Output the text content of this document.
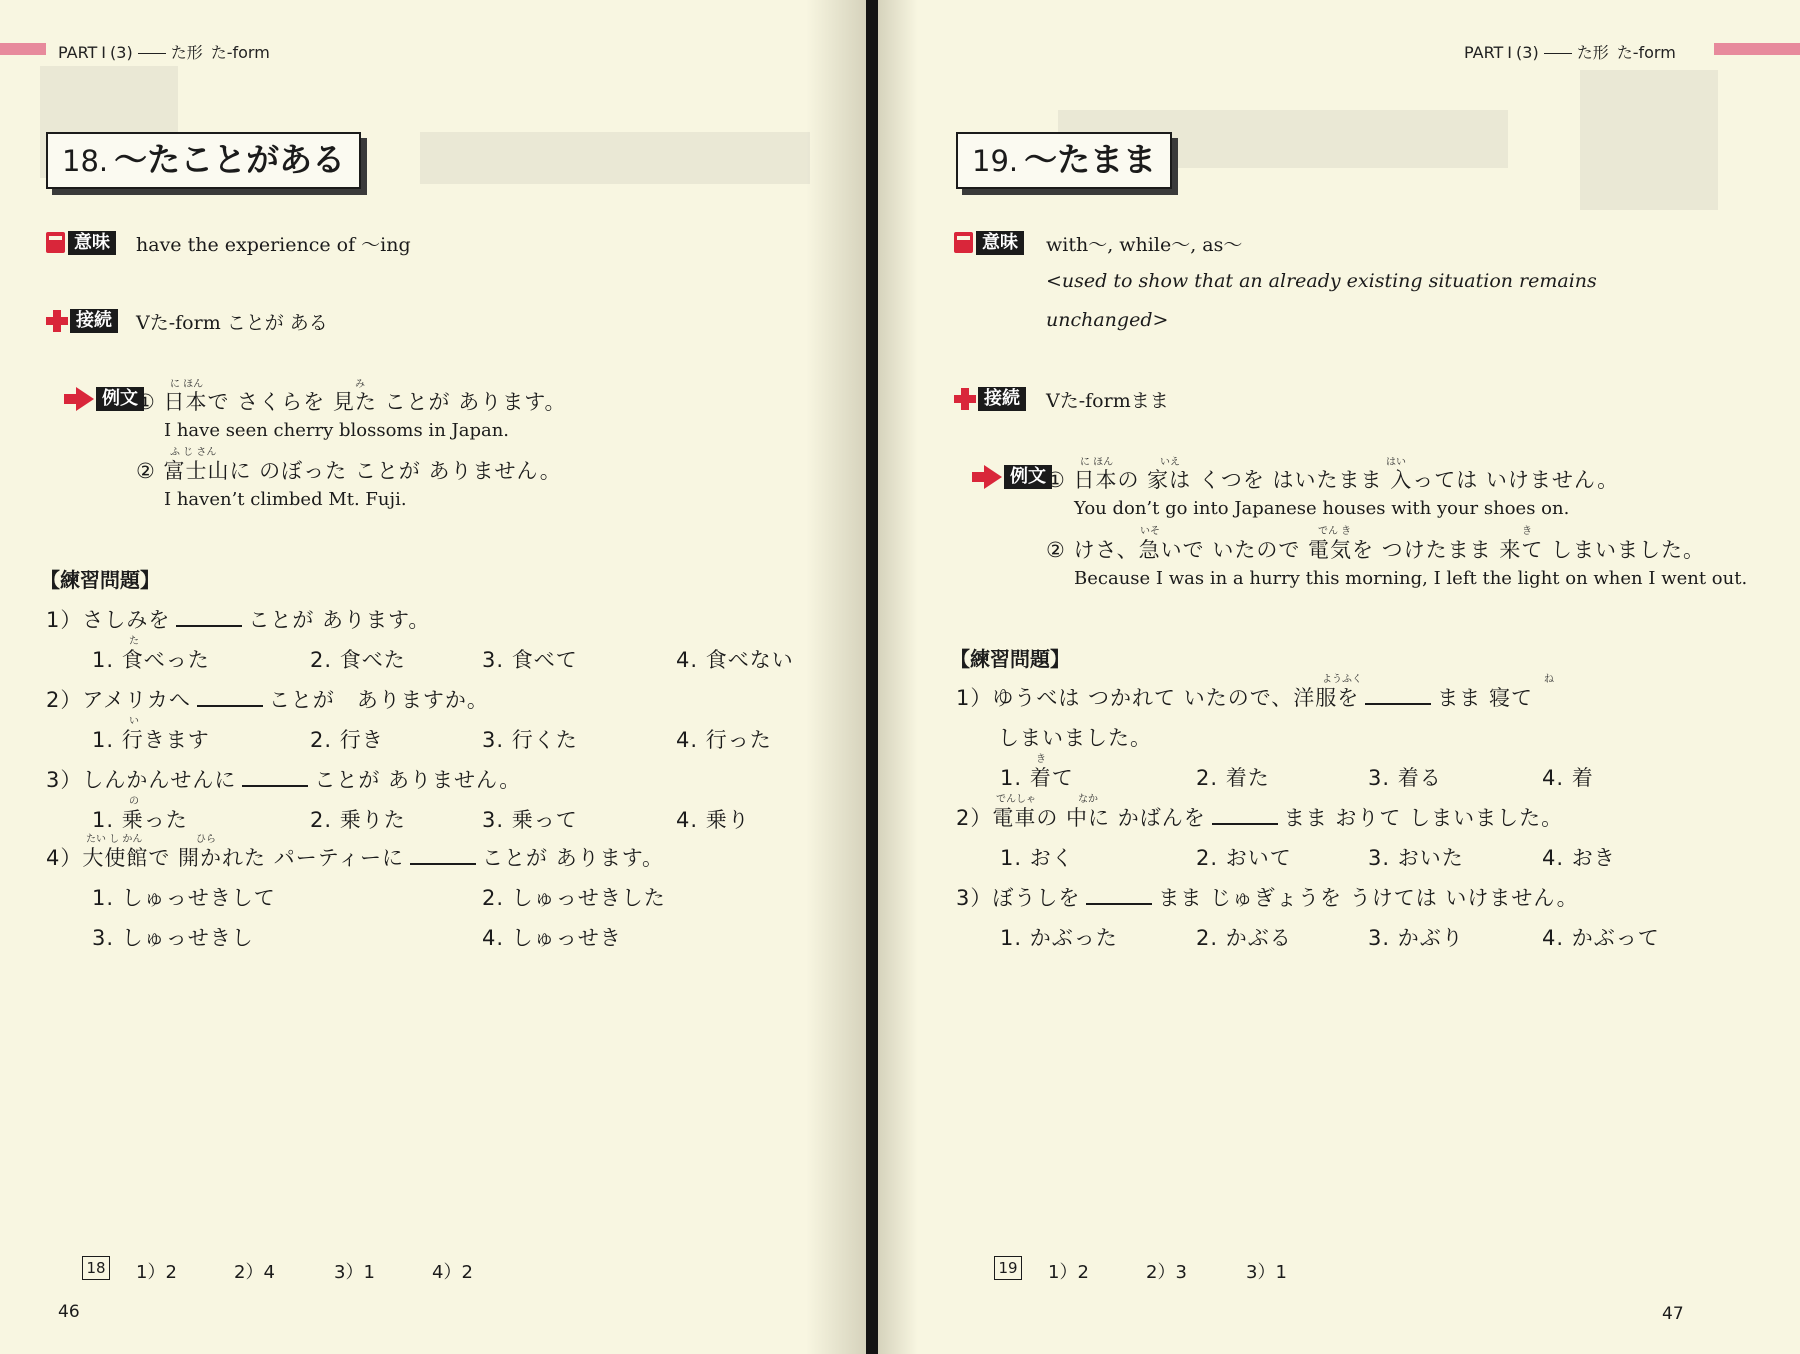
PART I (3) た形 た-form
18. 〜たことがある
意味	have the experience of 〜ing
接続	Vた-form ことが ある
例文
に ほん	み
① 日本で さくらを 見た ことが あります。
I have seen cherry blossoms in Japan.
ふ じ さん
② 富士山に のぼった ことが ありません。
I haven’t climbed Mt. Fuji.
【練習問題】
1）さしみを	ことが あります。
た
1. 食べった	2. 食べた	3. 食べて	4. 食べない
2）アメリカへ	ことが　ありますか。
い
1. 行きます	2. 行き	3. 行くた	4. 行った
3）しんかんせんに	ことが ありません。
の
1. 乗った	2. 乗りた	3. 乗って	4. 乗り
たい し かん	ひら
4）大使館で 開かれた パーティーに	ことが あります。
1. しゅっせきして	2. しゅっせきした
3. しゅっせきし	4. しゅっせき
18 1）2	2）4	3）1	4）2
46
PART I (3) た形 た-form
19. 〜たまま
意味	with〜, while〜, as〜
<used to show that an already existing situation remains
unchanged>
接続	Vた-formまま
例文
に ほん	いえ	はい
① 日本の 家は くつを はいたまま 入っては いけません。
You don’t go into Japanese houses with your shoes on.
いそ	でん き	き
② けさ、急いで いたので 電気を つけたまま 来て しまいました。
Because I was in a hurry this morning, I left the light on when I went out.
【練習問題】
ようふく	ね
1）ゆうべは つかれて いたので、洋服を	まま 寝て
しまいました。
き
1. 着て	2. 着た	3. 着る	4. 着
でんしゃ	なか
2）電車の 中に かばんを	まま おりて しまいました。
1. おく	2. おいて	3. おいた	4. おき
3）ぼうしを	まま じゅぎょうを うけては いけません。
1. かぶった	2. かぶる	3. かぶり	4. かぶって
19 1）2	2）3	3）1
47
